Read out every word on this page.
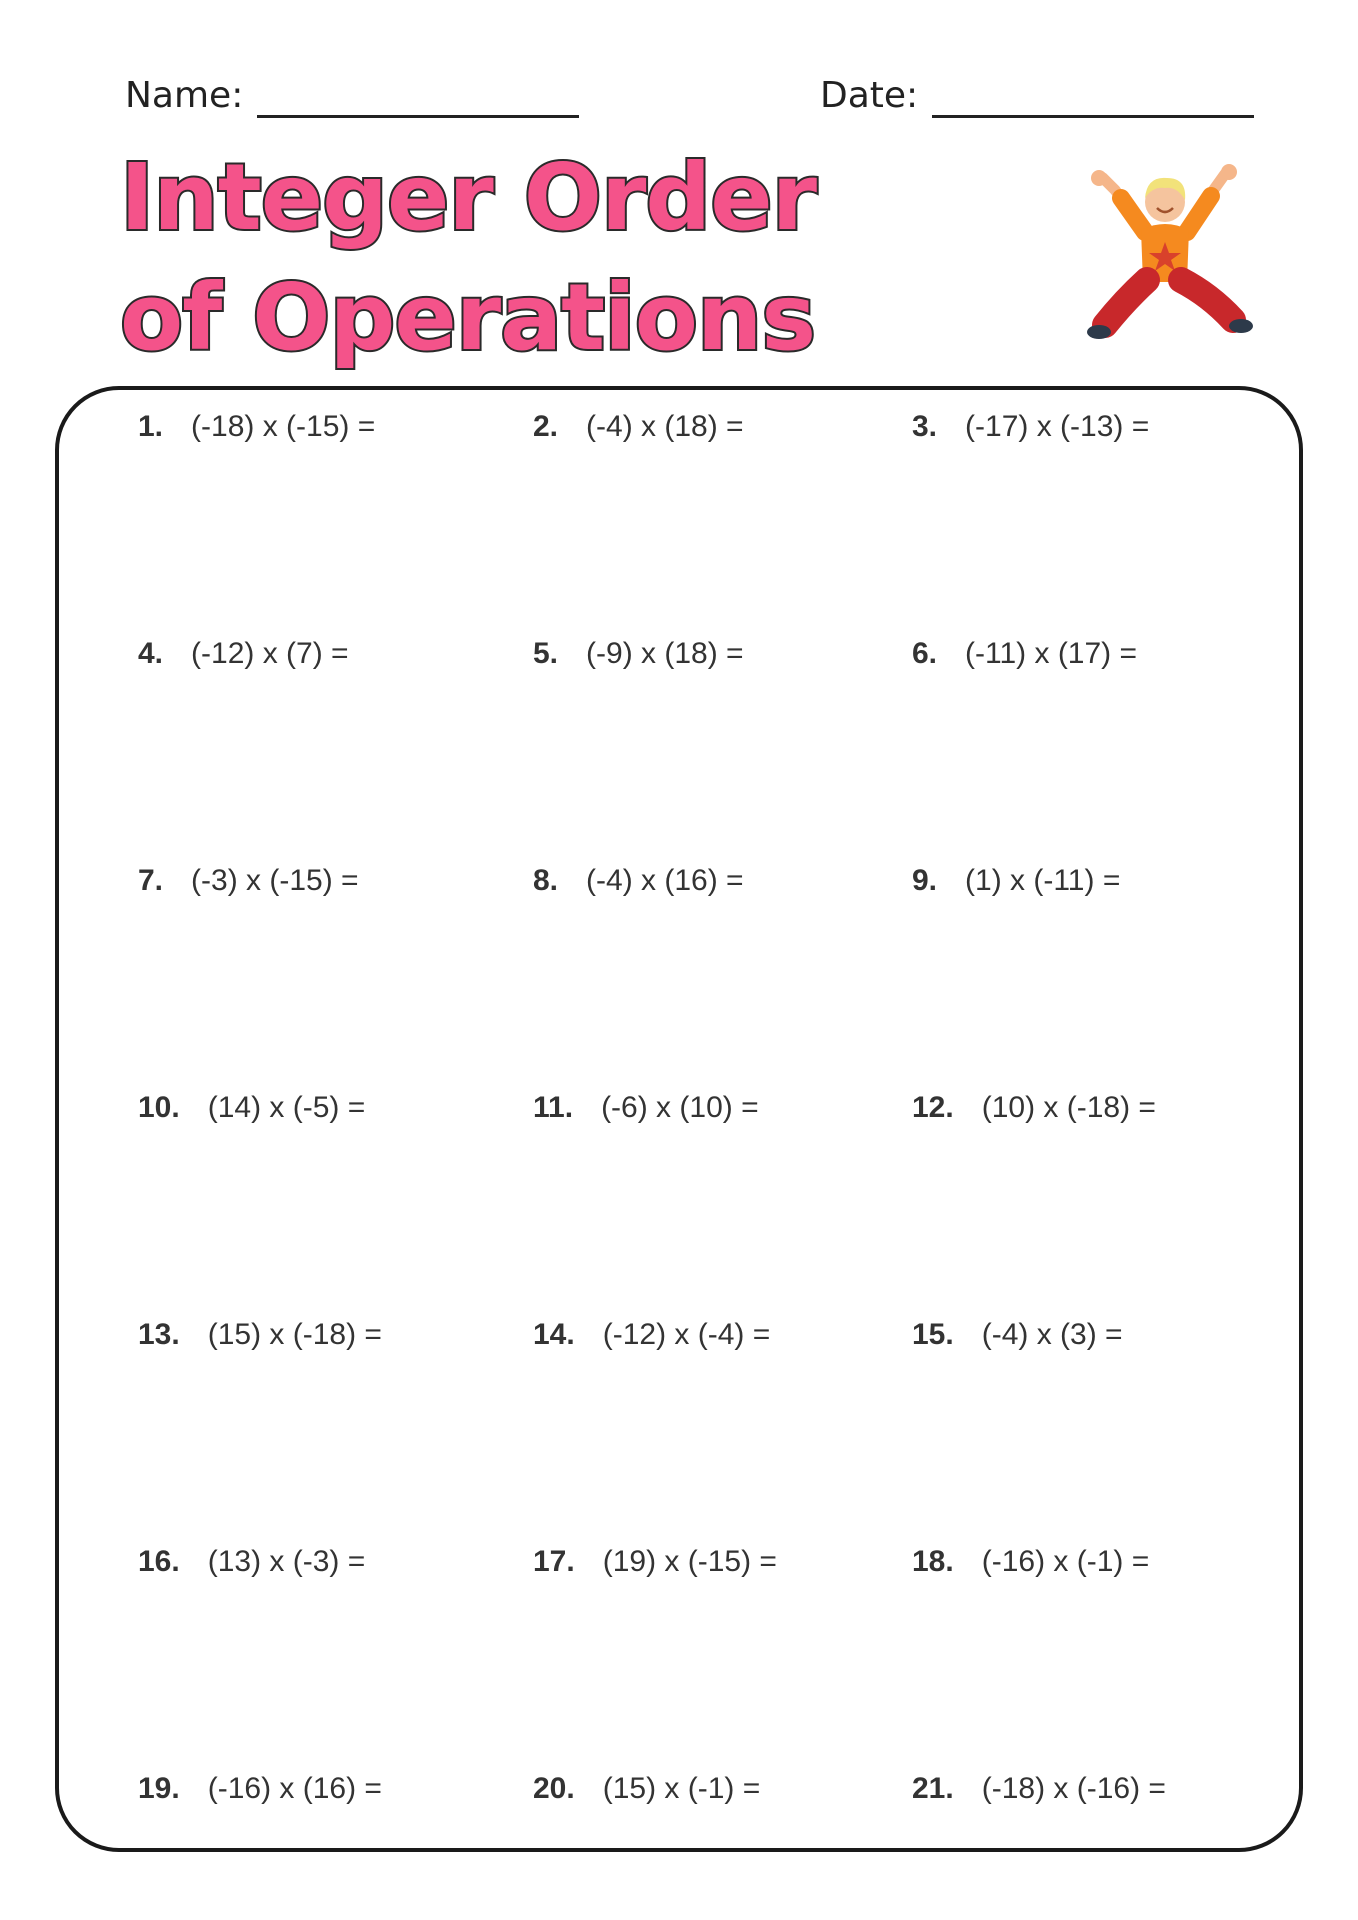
Name:	Date:
Integer Order
of Operations
1. (-18) x (-15) =	2. (-4) x (18) =	3. (-17) x (-13) =
4. (-12) x (7) =	5. (-9) x (18) =	6. (-11) x (17) =
7. (-3) x (-15) =	8. (-4) x (16) =	9. (1) x (-11) =
10. (14) x (-5) =	11. (-6) x (10) =	12. (10) x (-18) =
13. (15) x (-18) =	14. (-12) x (-4) =	15. (-4) x (3) =
16. (13) x (-3) =	17. (19) x (-15) =	18. (-16) x (-1) =
19. (-16) x (16) =	20. (15) x (-1) =	21. (-18) x (-16) =
